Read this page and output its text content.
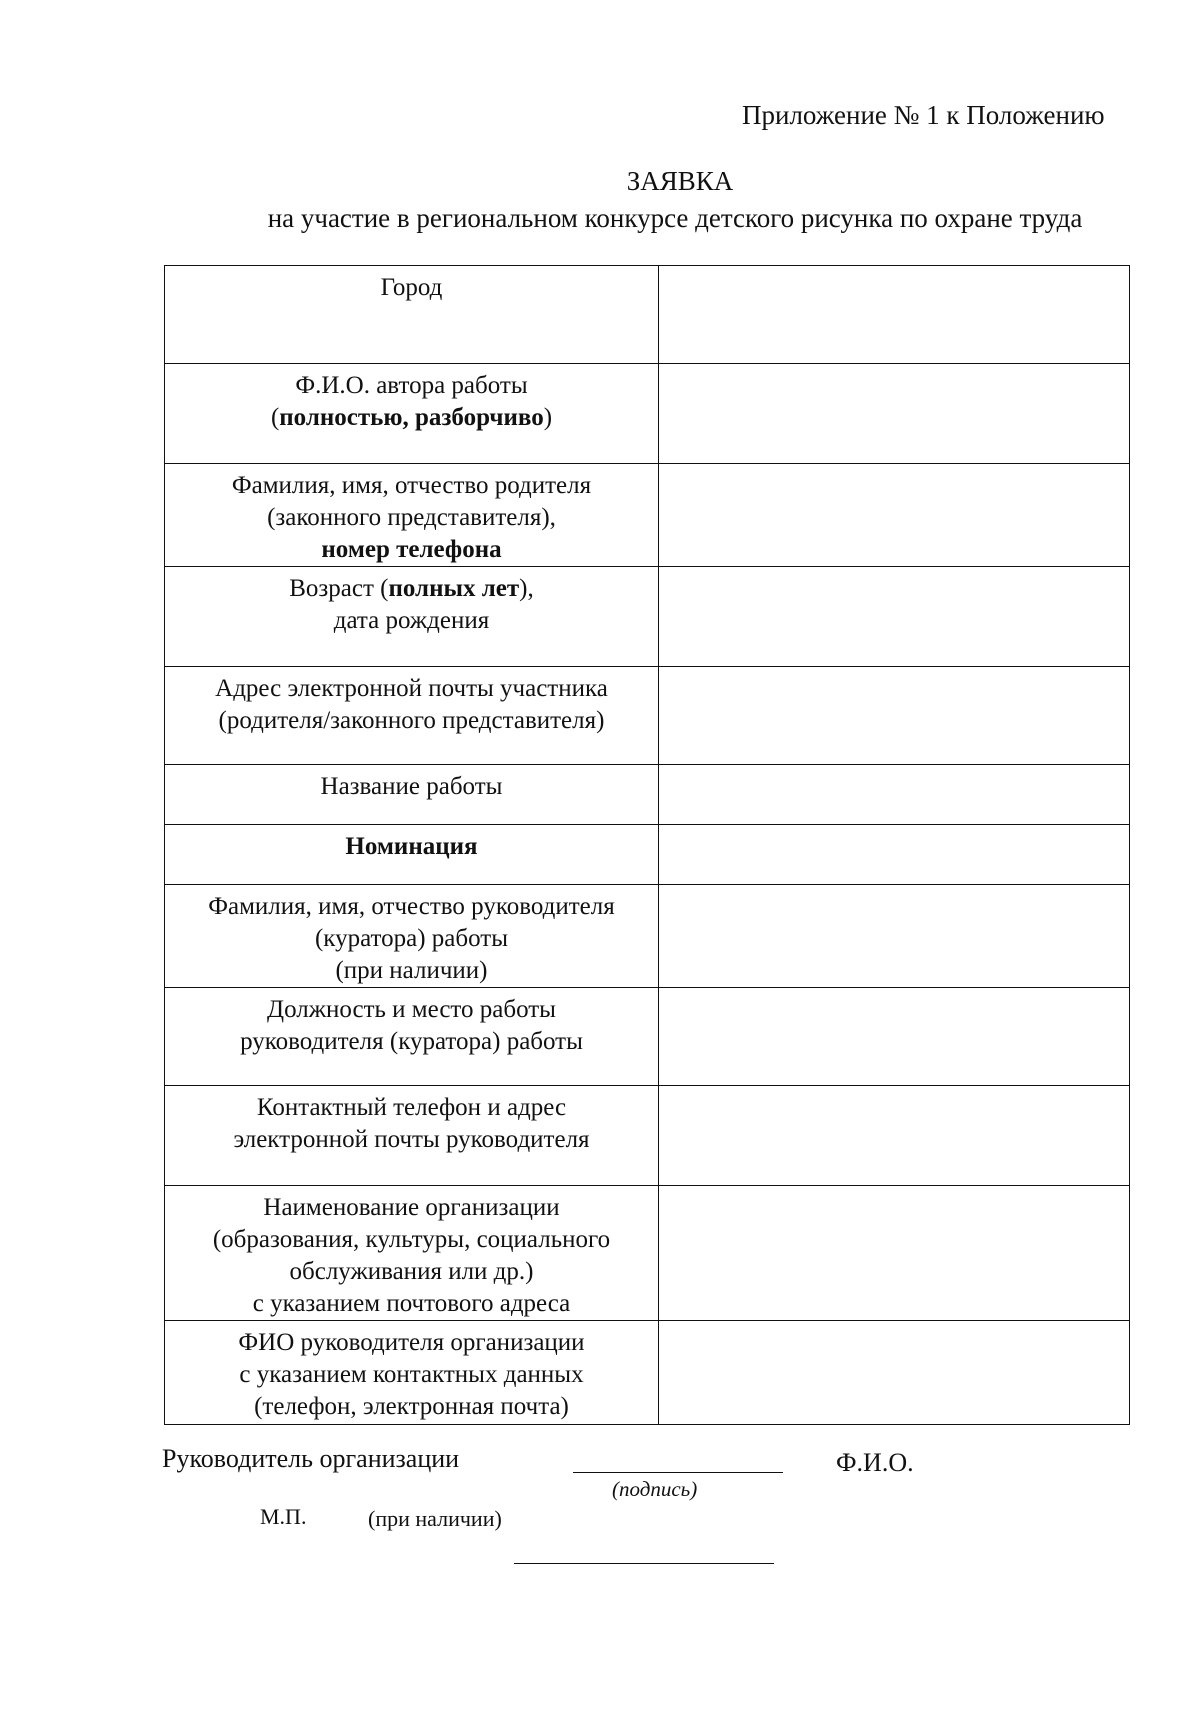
Приложение № 1 к Положению
ЗАЯВКА
на участие в региональном конкурсе детского рисунка по охране труда
Город	

Ф.И.О. автора работы
(полностью, разборчиво)	

Фамилия, имя, отчество родителя
(законного представителя),
номер телефона	

Возраст (полных лет),
дата рождения	

Адрес электронной почты участника
(родителя/законного представителя)	

Название работы	

Номинация	

Фамилия, имя, отчество руководителя
(куратора) работы
(при наличии)	

Должность и место работы
руководителя (куратора) работы	

Контактный телефон и адрес
электронной почты руководителя	

Наименование организации
(образования, культуры, социального
обслуживания или др.)
с указанием почтового адреса	

ФИО руководителя организации
с указанием контактных данных
(телефон, электронная почта)	

Руководитель организации
(подпись)
Ф.И.О.
М.П.	(при наличии)
